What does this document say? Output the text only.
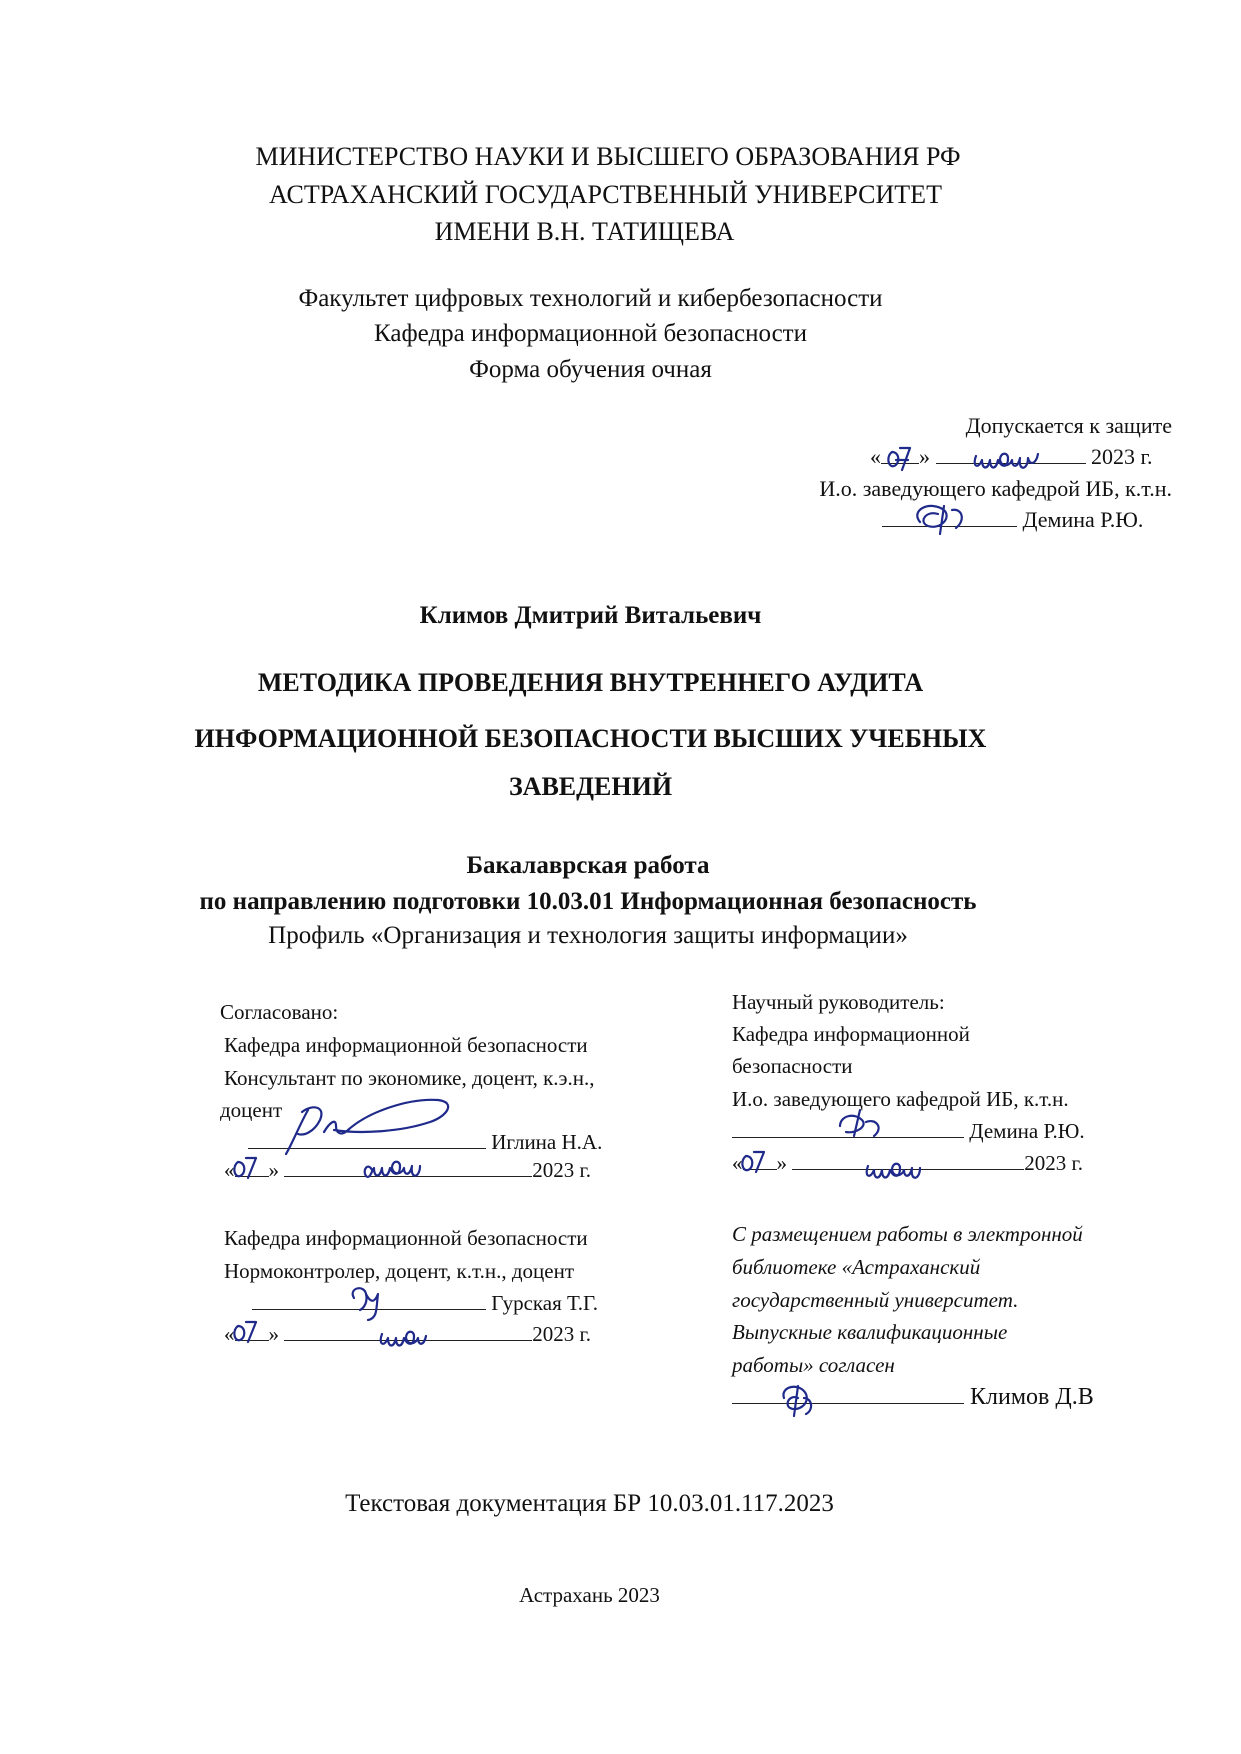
МИНИСТЕРСТВО НАУКИ И ВЫСШЕГО ОБРАЗОВАНИЯ РФ
АСТРАХАНСКИЙ ГОСУДАРСТВЕННЫЙ УНИВЕРСИТЕТ
ИМЕНИ В.Н. ТАТИЩЕВА
Факультет цифровых технологий и кибербезопасности
Кафедра информационной безопасности
Форма обучения очная
Допускается к защите
« »	2023 г.
И.о. заведующего кафедрой ИБ, к.т.н.
Демина Р.Ю.
Климов Дмитрий Витальевич
МЕТОДИКА ПРОВЕДЕНИЯ ВНУТРЕННЕГО АУДИТА
ИНФОРМАЦИОННОЙ БЕЗОПАСНОСТИ ВЫСШИХ УЧЕБНЫХ
ЗАВЕДЕНИЙ
Бакалаврская работа
по направлению подготовки 10.03.01 Информационная безопасность
Профиль «Организация и технология защиты информации»
Согласовано:
Кафедра информационной безопасности
Консультант по экономике, доцент, к.э.н.,
доцент
Иглина Н.А.
« »	2023 г.
Кафедра информационной безопасности
Нормоконтролер, доцент, к.т.н., доцент
Гурская Т.Г.
« »	2023 г.
Научный руководитель:
Кафедра информационной
безопасности
И.о. заведующего кафедрой ИБ, к.т.н.
Демина Р.Ю.
« »	2023 г.
С размещением работы в электронной
библиотеке «Астраханский
государственный университет.
Выпускные квалификационные
работы» согласен
Климов Д.В
Текстовая документация БР 10.03.01.117.2023
Астрахань 2023
